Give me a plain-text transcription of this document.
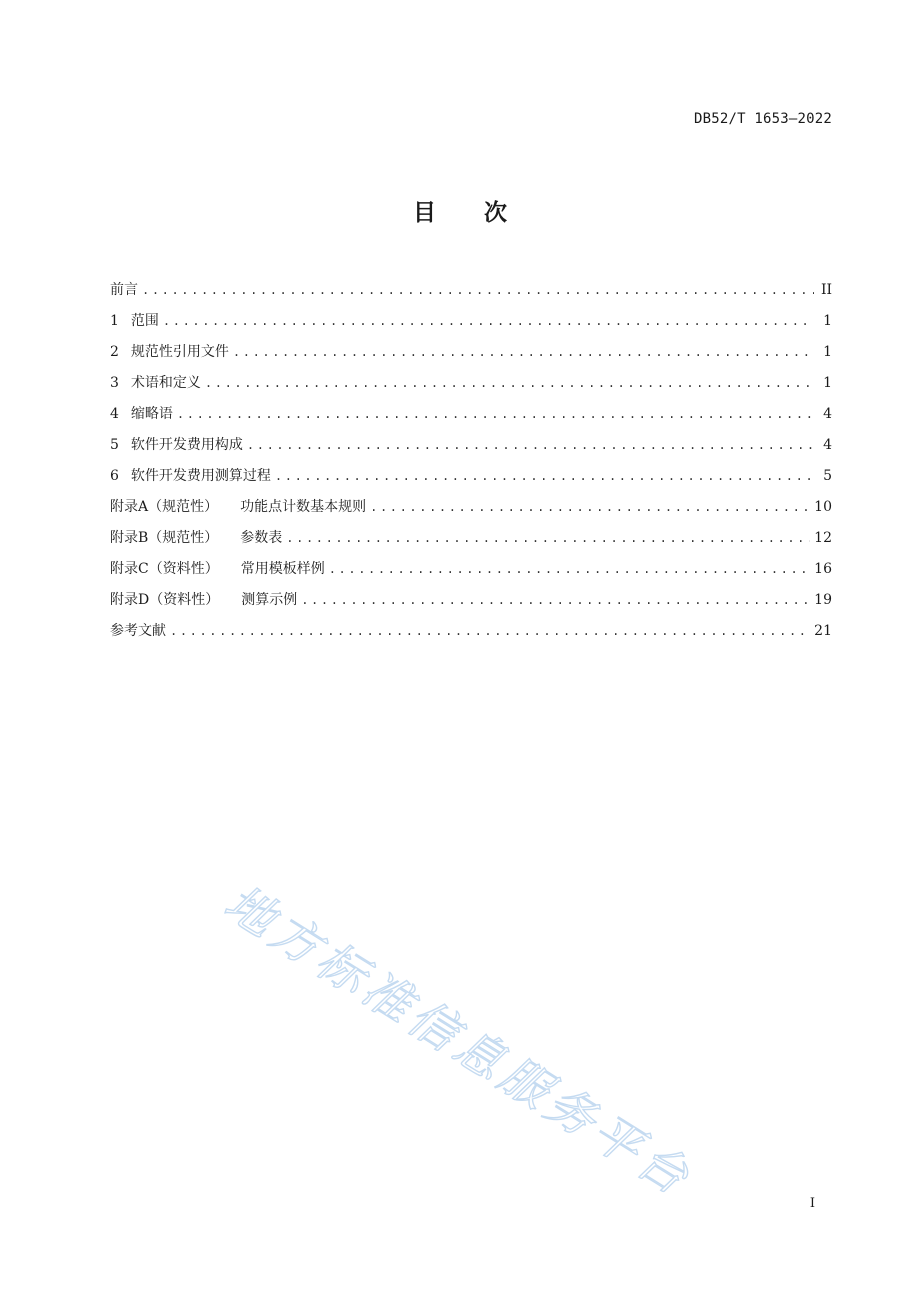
DB52/T 1653—2022
目 次
前言 .....	II
1 范围 .....	1
2 规范性引用文件 .....	1
3 术语和定义 .....	1
4 缩略语 .....	4
5 软件开发费用构成 .....	4
6 软件开发费用测算过程 .....	5
附录A（规范性） 功能点计数基本规则 .....	10
附录B（规范性） 参数表 .....	12
附录C（资料性） 常用模板样例 .....	16
附录D（资料性） 测算示例 .....	19
参考文献 .....	21
地方标准信息服务平台	I
